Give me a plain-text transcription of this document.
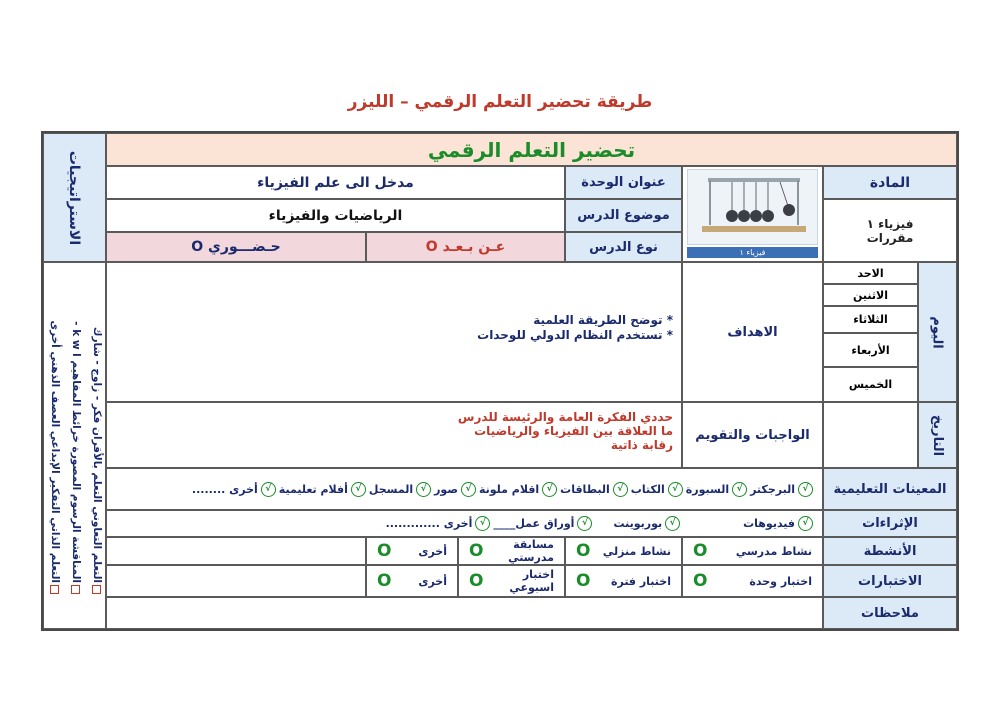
طريقة تحضير التعلم الرقمي – الليزر
الاستراتيجيات
التعلم التعاوني التعلم بالأقران فكر - زاوج - شارك
المناقشة الرسوم المصورة خرائط المفاهيم k w l -
التعلم الذاتي التفكير الإبداعي العصف الذهني أخرى
تحضير التعلم الرقمي
المادة
فيزياء ١
مقررات
فيزياء ١
عنوان الوحدة
مدخل الى علم الفيزياء
موضوع الدرس
الرياضيات والفيزياء
نوع الدرس
عـن بـعـد

O
حـضـــوري

O
اليوم
الاحد
الاثنين
الثلاثاء
الأربعاء
الخميس
التاريخ
الاهداف
* توضح الطريقة العلمية
* تستخدم النظام الدولي للوحدات
الواجبات والتقويم
حددي الفكرة العامة والرئيسة للدرس
ما العلاقة بين الفيزياء والرياضيات
رقابة ذاتية
المعينات التعليمية
√
البرجكتر
√
السبورة
√
الكتاب
√
البطاقات
√
اقلام ملونة
√
صور
√
المسجل
√
أفلام تعليمية
√
أخرى ........
الإثراءات
√
فيديوهات
√
بوربوينت
√
أوراق عمل____
√
أخرى .............
الأنشطة
نشاط مدرسي
O
نشاط منزلي
O
مسابقة مدرستي
O
أخرى
O
الاختبارات
اختبار وحدة
O
اختبار فترة
O
اختبار اسبوعي
O
أخرى
O
ملاحظات
